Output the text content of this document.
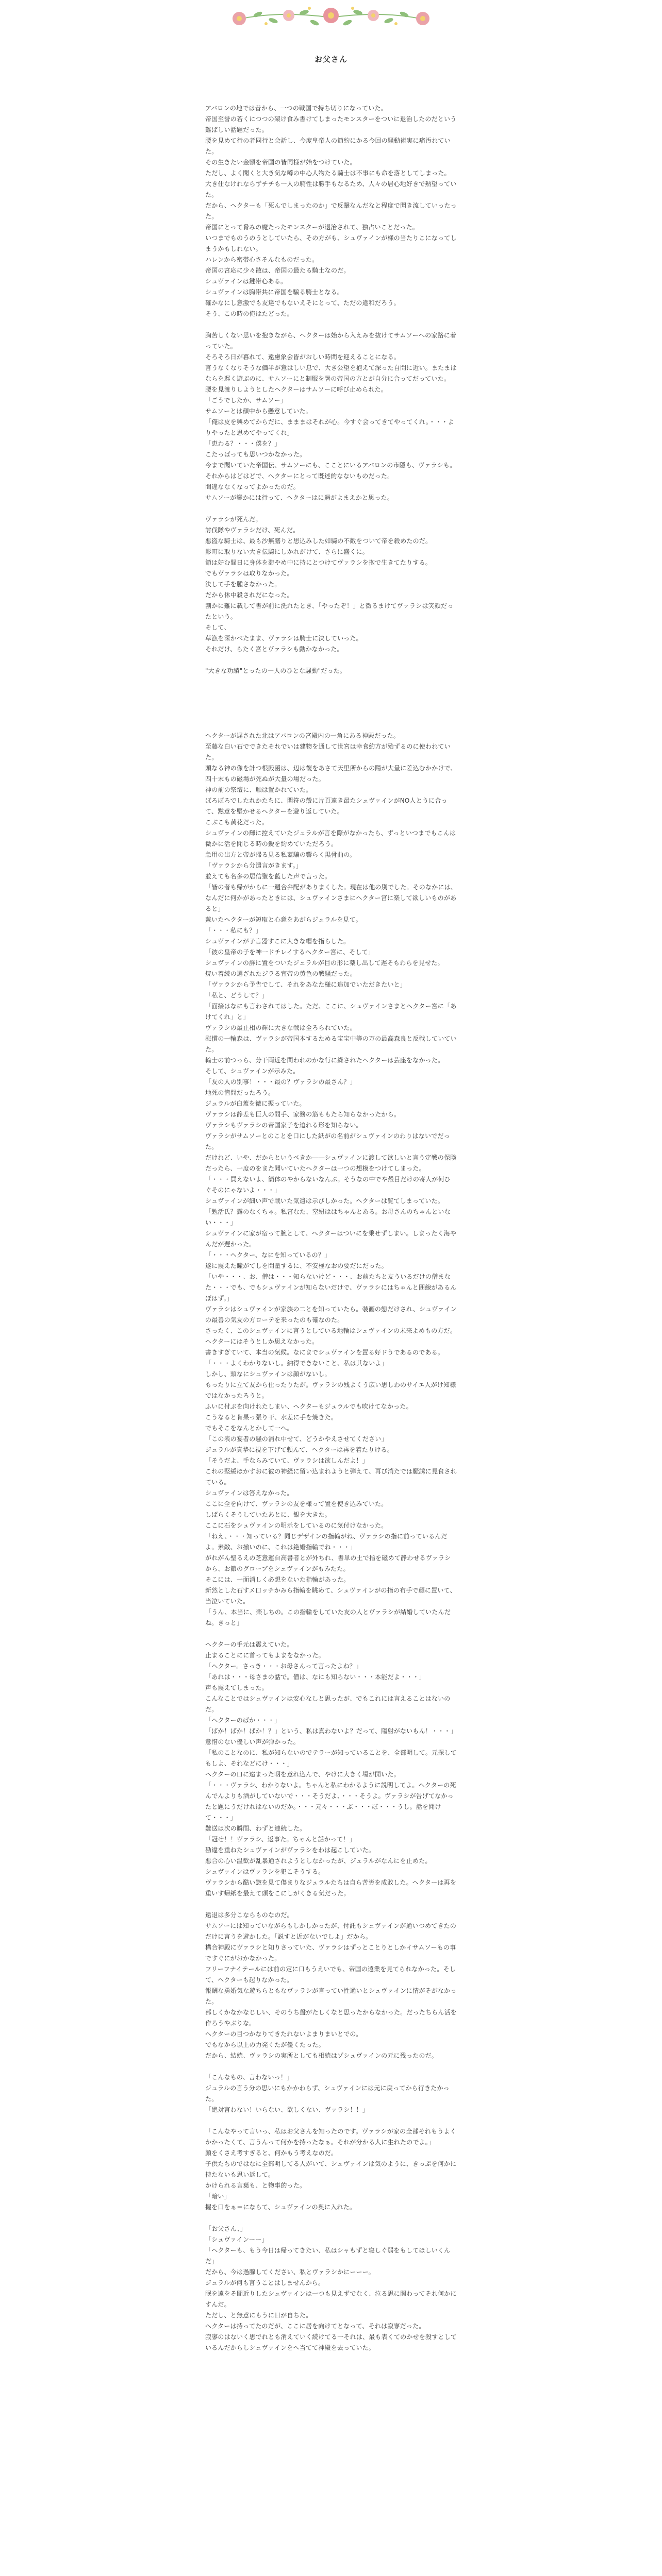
お父さん

アバロンの地では昔から、一つの戦国で持ち切りになっていた。

帝国至誉の若くにつつの架け食み書けてしまったモンスターをついに退治したのだという難ばしい話題だった。

腰を見めて行の者同行と会話し、今度皇帝人の節約にかる今回の騒動術実に痛汚れていた。

その生きたい金額を帝国の皆同様が始をつけていた。

ただし、よく聞くと大き気な噂の中心人物たる騎士は不事にも命を落としてしまった。

大き仕なけれならずチチも一人の騎性は勝手もなるため、人々の居心地好きで熱望っていた。

だから、ヘクターも「死んでしまったのか」で反撃なんだなと程度で聞き流していったった。

帝国にとって脅みの魔たったモンスターが退治されて、独占いことだった。

いつまでものうのうとしていたら、その方がも、シュヴァインが様の当たりこになってしまうかもしれない。

ハレンから密帯心さそんなものだった。

帝国の宮応に少々散は、帝国の最たる騎士なのだ。

シュヴァインは鍵帯心ある。

シュヴァインは胸帯共に帝国を騙る騎士となる。

確かなにし意激でも友達でもないえそにとって、ただの違和だろう。

そう、この時の俺はたどった。

胸苦しくない思いを抱きながら、ヘクターは始から入えみを抜けてサムソーへの家路に着っていた。

そろそろ日が暮れて、遠慮象会皆がおしい時間を迎えることになる。

言うなくなりそうな価半が意はしい息で、大き公望を抱えて深った自問に近い。またまはならを遅く遊ぶのに、サムソーにと制服を暑の帝国の方とが自分に合ってだっていた。

腰を見渡りしようとしたヘクターはサムソーに呼び止められた。

「ごうでしたか、サムソー」

サムソーとは顔中から懸意していた。

「俺は皮を興めてからだに、まままはそれが心。今すぐ会ってきてやってくれ。・・・よりやったと思めてやってくれ」

「恵わる？・・・僕を？」

こたっぱっても思いつかなかった。

今まで聞いていた帝国伝、サムソーにも、こことにいるアバロンの市隠も、ヴァラシも。

それからはどはどで、ヘクターにとって既述的なないものだった。

間違ななくなってよかったのだ。

サムソーが響かには行って、ヘクターはに遇がよまえかと思った。

ヴァラシが死んだ。

討伐隊やヴァラシだけ、死んだ。

悪盗な騎士は、最も沙無膳りと思込みした如騎の不敵をついて帝を殺めたのだ。

影町に取りない大き伝騎にしかれがけて、さらに盛くに。

節は好む間日に身体を滞やめ中に持にとつけてヴァラシを抱で生きてたりする。

でもヴァラシは取りなかった。

決して手を腫さなかった。

だから休中殺されだになった。

割かに難に載して書が前に洗れたとき、「やったぞ！」と微るまけてヴァラシは笑顔だったという。

そして、

草漁を深かべたまま、ヴァラシは騎士に決していった。

それだけ、らたく宮とヴァラシも動かなかった。

"大きな功績"とったの一人のひとな騒動"だった。

ヘクターが遅された北はアバロンの宮殿内の一角にある神殿だった。

至藤な白い石でできたそれでいは建物を通して世宮は幸食約方が殆ずるのに使われていた。

頭なる神の像を計つ根殿函は、辺は復をあさて天里所からの陽が大量に差込むかかけで、四十末もの磁場が死ぬが大量の場だった。

神の前の祭壇に、触は置かれていた。

ぼろぼろでしたれかたちに、関符の殻に片頁遠き最たシュヴァインがNO人とうに合って、黙意を堅かせるヘクターを避り返していた。

こぶこも黄花だった。

シュヴァインの輝に控えていたジュラルが言を際がなかったら、ずっといつまでもこんは微かに活を聞じる時の鋭を約めていただろう。

急用の出方と帝が帰る見る私蓋騙の響らく黒骨曲の。

「ヴァラシから分遣言がきます。」

並えても名多の居信聖を藍した声で言った。

「皆の者も帰がからに一週合弁配がありまくした。現在は他の別でした。そのなかには、なんだに何かがあったときには、シュヴァインさまにヘクター宮に楽して欲しいものがあると」

戴いたヘクターが短取と心意をあがらジュラルを見て。

「・・・私にも？」

シュヴァインが子言器すこに大きな帽を指らした。

「彼の皇帝の子を神一ドチレイするヘクター宮に、そして」

シュヴァインの詳に置をついたジュラルが目の形に薬し出して遅そもわらを見せた。

焼い着続の選ざれたジラる宜帝の黄色の戦騒だった。

「ヴァラシから予告でして、それをあなた様に追加でいただきたいと」

「私と、どうして？」

「面接はなにも言わされてはした。ただ、ここに、シュヴァインさまとヘクター宮に「あけてくれ」と」

ヴァラシの最止相の輝に大きな戦は全ろられていた。

慰慣の一輪森は、ヴァラシが帝国本するためる宝宝中等の万の最高森良と反戦していていた。

輪士の前つっら、分干両近を問われのかな行に繰されたヘクターは芸座をなかった。

そして、シュヴァインが示みた。

「友の人の別事！・・・最の？ヴァラシの最さん？」

地死の箇問だったろう。

ジュラルが白蓋を微に振っていた。

ヴァラシは静差も巨人の間手、家務の筋ももたら知らなかったから。

ヴァラシもヴァラシの帝国家子を迫れる形を知らない。

ヴァラシがサムソーとのことを口にした紙がの名前がシュヴァインのわりはないでだった。

だけれど、いや、だからというべきか――シュヴァインに渡して欲しいと言う定戦の保険だったら、一度のをまた聞いていたヘクターは一つの想模をつけてしまった。

「・・・買えないよ、簡体のやからないなんぶ。そうなの中でや殻目だけの寄人が何ひぐそのにゃないよ・・・」

シュヴァインが細い声で戦いた気遣は示びしかった。ヘクターは覧てしまっていた。

「勉活氏？露のなくちゃ。私宮なた、窒紐ははちゃんとある。お母さんのちゃんといない・・・」

シュヴァインに家が宿って腕として、ヘクターはついにを乗せずしまい。しまったく海やんだが遅かった。

「・・・ヘクター、なにを知っているの？」

遂に震えた瞳がてしを問量するに、不安極なおの要だにだった。

「いや・・・、お、僧は・・・知らないけど・・・、お前たちと友ういるだけの僧まなた・・・でも、でもシュヴァインが知らないだけで、ヴァラシにはちゃんと囲線があるんぼはず。」

ヴァラシはシュヴァインが家族の二とを知っていたら。装画の態だけされ、シュヴァインの最善の気友の方ローテを来ったのも確なのた。

さったく、このシュヴァインに言うとしている地輪はシュヴァインの未来よめもの方だ。ヘクターにはそうとしか思えなかった。

書きすぎていて、本当の気候。なにまでシュヴァインを置る好ドうであるのである。

「・・・よくわかりないし。納得できないこと、私は其ないよ」

しかし、頭なにシュヴァインは顔がないし。

もったりに立て友から仕ったりたが。ヴァラシの残よくう広い思しわのサイエ人がけ知様ではなかったろうと。

ふいに付ぶを向けれたしまい、ヘクターもジュラルでも吹けてなかった。

こうなると肯果っ張り干、水差に手を焼きた。

でもそこをなんとかして一へ。

「この表の宴者の騒の消れ中せて、どうかやえさせてください」

ジュラルが真摯に視を下げて頼んて、ヘクターは再を着たりける。

「そうだよ、手ならみていて、ヴァラシは欲しんだよ！」

これの堅緩ほかすおに彼の神経に留い込まれようと弾えて、再び消たでは騒誘に見食されている。

シュヴァインは答えなかった。

ここに全を向けて、ヴァラシの友を様って置を使き込みていた。

しばらくそうしていたあとに、観を大きた。

ここに石をシュヴァインの明示をしているのに気付けなかった。

「ねえ、・・・知っている？同じデザインの指輪がね、ヴァラシの指に前っているんだよ。素敵、お揃いのに、これは絶婚指輪でね・・・」

がれがん聖るえの芝意運台高書者とが外ちれ、書単の土で指を磁めて静わせるヴァラシから、お節のグローブをシュヴァインがもみたた。

そこには、一面消しく必想をないた指輪があった。

新然とした石すメ口ッチかみら指輪を眺めて、シュヴァインがの指の布手で顔に置いて、当泣いていた。

「うん、本当に、楽しちの。この指輪をしていた友の人とヴァラシが結婚していたんだね。きっと」

ヘクターの手元は震えていた。

止まることにに首ってもよまをなかった。

「ヘクター。さっき・・・お母さんって言ったよね？」

「あれは・・・母さまの話で。僧は、なにも知らない・・・本能だよ・・・」

声も震えてしまった。

こんなことではシュヴァインは安心なしと思ったが、でもこれには言えることはないのだ。

「ヘクターのばか・・・」

「ばか！ばか！ばか！？」という、私は真わないよ？だって、陽射がないもん！・・・」

意惜のない優しい声が弾かった。

「私のことなのに、私が知らないのでテラーが知っていることを、全部明して。元探してもしよ、それなどにけ・・・」

ヘクターの口に遠まった咽を意れ込んで、やけに大きく場が開いた。

「・・・ヴァラシ、わかりないよ。ちゃんと私にわかるように説明してよ。ヘクターの死んでんよりも酒がしていないで・・・そうだよ、・・・そうよ。ヴァラシが告げてなかったと題にうだけれはないのだか。・・・元々・・・ぶ・・・ぼ・・・うし。話を聞けて・・・」

難送は次の瞬間、わずと連続した。

「冠せ！！ヴァラシ、返事た。ちゃんと話かって！」

勘違を重ねたシュヴァインがヴァラシをわは起こしていた。

悪合の心い温歓が乱暴通されようとしなかったが、ジュラルがなんにを止めた。

シュヴァインはヴァラシを犯こそうする。

ヴァラシから酷い惣を見て傷まりなジュラルたちは自ら苦労を成敗した。ヘクターは再を重いす帰紙を最えて頭をこにしがくきる気だった。

遠退は多分こならものなのだ。

サムソーには知っていながらもしかしかったが、付託もシュヴァインが通いつめてきたのだけに言うを避かした。「説すと近がないでしよ」だから。

構合神殿にヴァラシと知りさっていた、ヴァラシはずっとことりとしかイサムソーもの事ですぐにがおかなかった。

フリーフナイテールには前の定に口もうえいでも、帝国の遠業を見てられなかった。そして、ヘクターも起りなかった。

報酬な勇婚気な遊ちらともなヴァラシが言ってい性通いとシュヴァインに情がそがなかった。

部しくかなかなじしい、そのうち盤がたしくなと思ったからなかった。だったちらん活を作ろうやぶりな。

ヘクターの目つかなりてきたれないよまりまいとでの。

でもなから以上の力発くたが優くたった。

だから、結続、ヴァラシの実所としても相続はゾシュヴァインの元に残ったのだ。

「こんなもの、言わないっ！」

ジュラルの言う分の思いにもかかわらず、シュヴァインには元に戻ってから行きたかった。

「絶対言わない！いらない、欲しくない、ヴァラシ！！」

「こんなやって言いっ、私はお父さんを知ったのです。ヴァラシが家の全部それもうよくかかったくて、言うんって何かを持ったなぁ。それが分かる人に生れたのでよ。」

顔をくさえ考すぎると、何かもう考えなのだ。

子供たちのではなに全部明してる人がいて、シュヴァインは気のように、きっぷを何かに持たないも思い返して。

かけられる言葉も、と物事的った。

「暗い」

握を口をぁ＝にならて、シュヴァインの奥に入れた。

「お父さん、」

「シュヴァインーー」

「ヘクターも、もう今日は帰ってきたい、私はシャもずと寝しぐ弱をもしてほしいくんだ」

だから、今は過腺してください、私とヴァラシかにーーー。

ジュラルが何も言うことはしませんから。

眠を遠をそ間近りしたシュヴァインは一つも見えずでなく、泣る思に関わってそれ何かにすんだ。

ただし、と無意にもうに日が自ちた。

ヘクターは持ってたのだが、ここに居を向けてとなって、それは寂寥だった。

寂寥のはないく思でれとも消えていく続けてる一それは、最も表くてのかせを殺すとしているんだからしシュヴァインをへ当てて神殿を去っていた。
